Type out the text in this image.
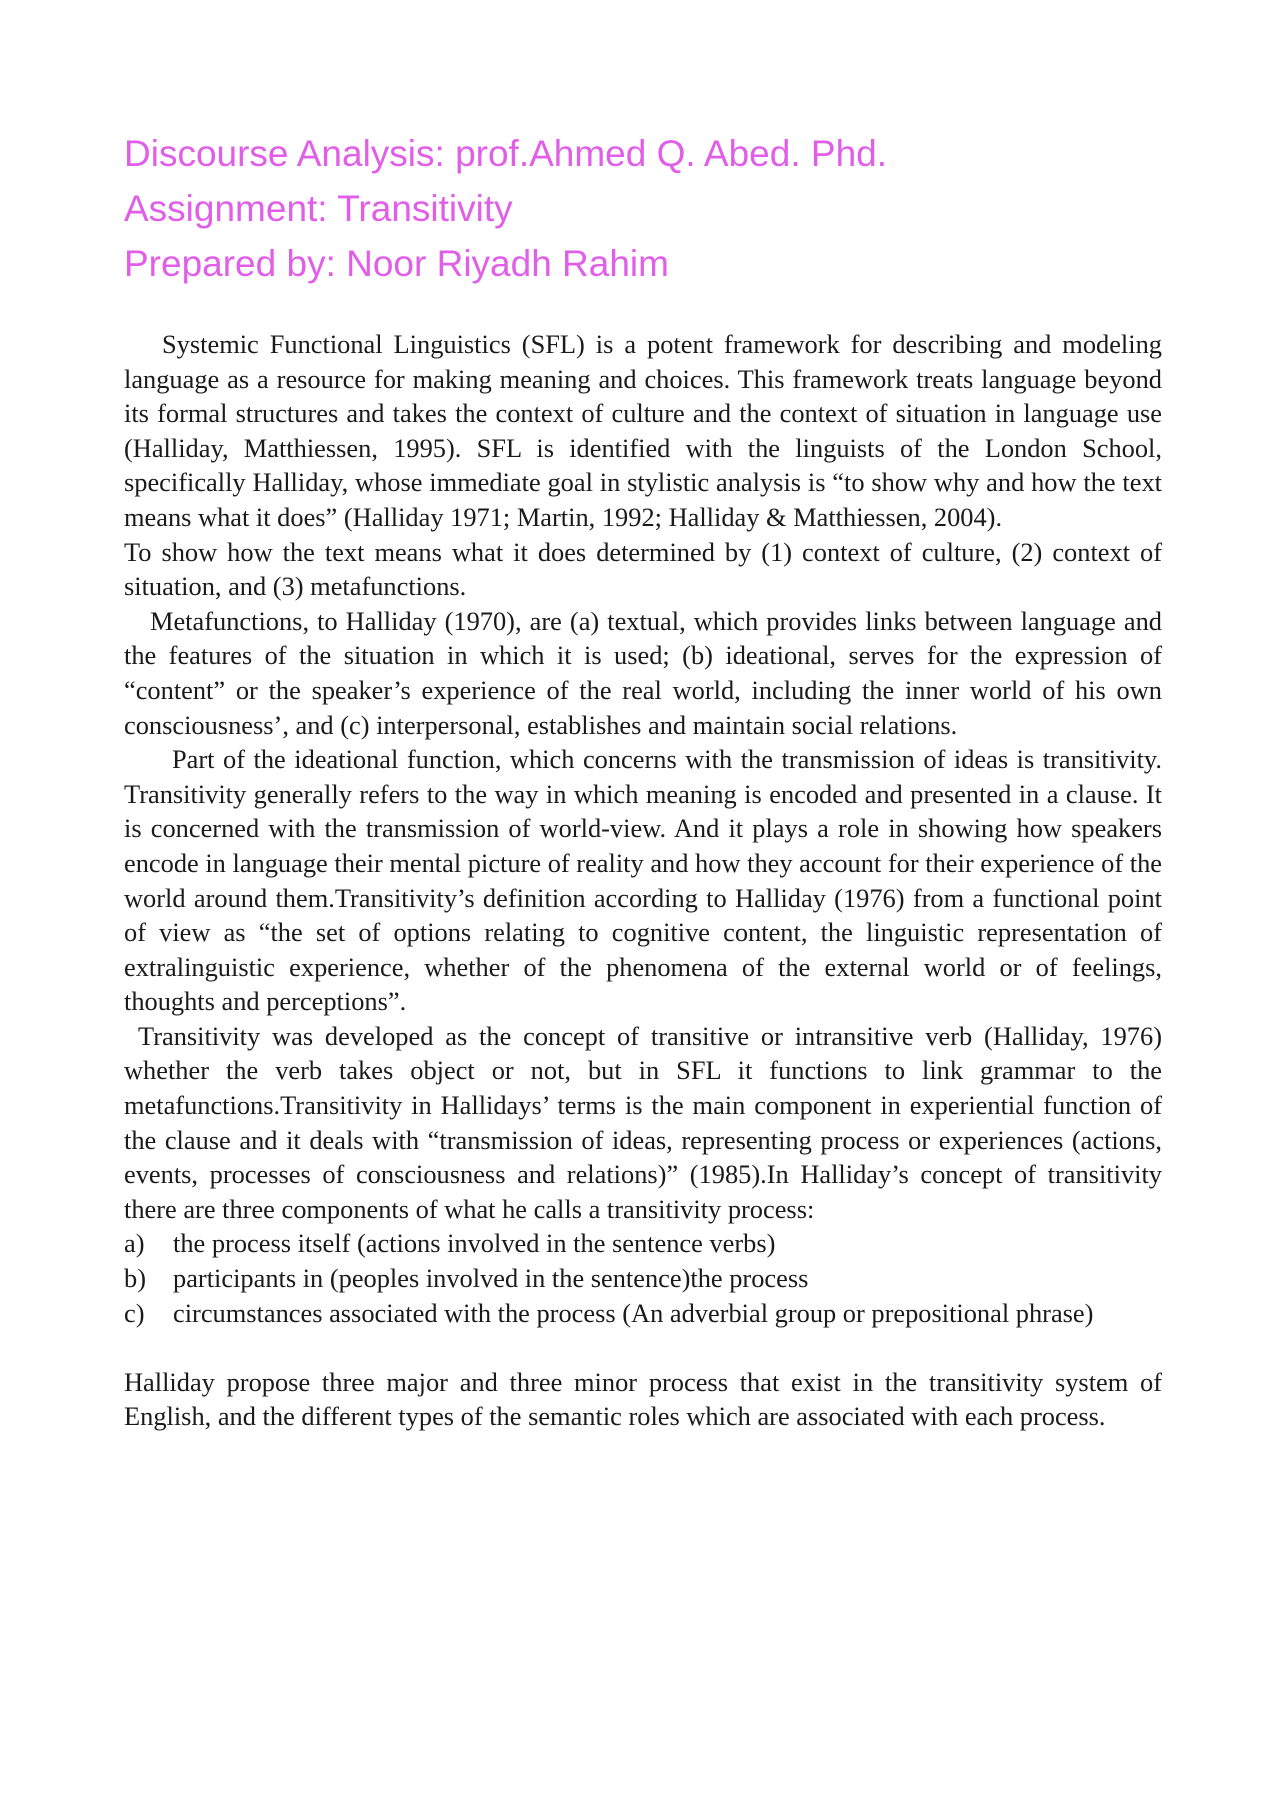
Discourse Analysis: prof.Ahmed Q. Abed. Phd.

Assignment: Transitivity

Prepared by: Noor Riyadh Rahim

Systemic Functional Linguistics (SFL) is a potent framework for describing and modeling language as a resource for making meaning and choices. This framework treats language beyond its formal structures and takes the context of culture and the context of situation in language use (Halliday, Matthiessen, 1995). SFL is identified with the linguists of the London School, specifically Halliday, whose immediate goal in stylistic analysis is “to show why and how the text means what it does” (Halliday 1971; Martin, 1992; Halliday & Matthiessen, 2004).

To show how the text means what it does determined by (1) context of culture, (2) context of situation, and (3) metafunctions.

Metafunctions, to Halliday (1970), are (a) textual, which provides links between language and the features of the situation in which it is used; (b) ideational, serves for the expression of “content” or the speaker’s experience of the real world, including the inner world of his own consciousness’, and (c) interpersonal, establishes and maintain social relations.

Part of the ideational function, which concerns with the transmission of ideas is transitivity. Transitivity generally refers to the way in which meaning is encoded and presented in a clause. It is concerned with the transmission of world-view. And it plays a role in showing how speakers encode in language their mental picture of reality and how they account for their experience of the world around them.Transitivity’s definition according to Halliday (1976) from a functional point of view as “the set of options relating to cognitive content, the linguistic representation of extralinguistic experience, whether of the phenomena of the external world or of feelings, thoughts and perceptions”.

Transitivity was developed as the concept of transitive or intransitive verb (Halliday, 1976) whether the verb takes object or not, but in SFL it functions to link grammar to the metafunctions.Transitivity in Hallidays’ terms is the main component in experiential function of the clause and it deals with “transmission of ideas, representing process or experiences (actions, events, processes of consciousness and relations)” (1985).In Halliday’s concept of transitivity there are three components of what he calls a transitivity process:

a)	the process itself (actions involved in the sentence verbs)
b)	participants in (peoples involved in the sentence)the process
c)	circumstances associated with the process (An adverbial group or prepositional phrase)

Halliday propose three major and three minor process that exist in the transitivity system of English, and the different types of the semantic roles which are associated with each process.
